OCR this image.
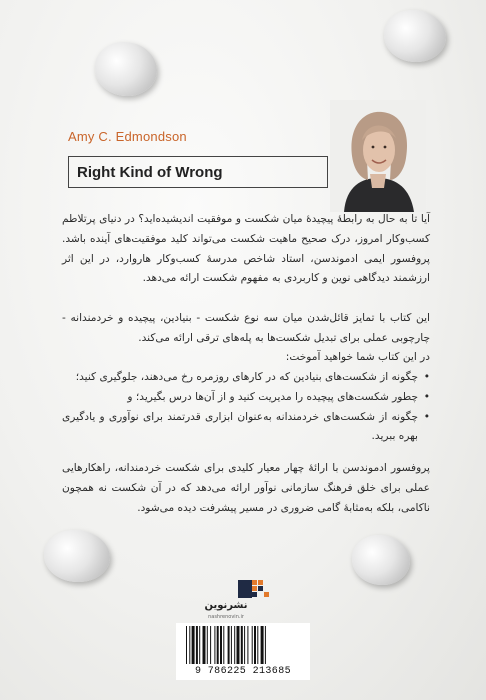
Amy C. Edmondson
Right Kind of Wrong
آیا تا به حال به رابطهٔ پیچیدهٔ میان شکست و موفقیت اندیشیده‌اید؟ در دنیای پرتلاطم کسب‌وکار امروز، درک صحیح ماهیت شکست می‌تواند کلید موفقیت‌های آینده باشد. پروفسور ایمی ادموندسن، استاد شاخص مدرسهٔ کسب‌وکار هاروارد، در این اثر ارزشمند دیدگاهی نوین و کاربردی به مفهوم شکست ارائه می‌دهد.
این کتاب با تمایز قائل‌شدن میان سه نوع شکست - بنیادین، پیچیده و خردمندانه - چارچوبی عملی برای تبدیل شکست‌ها به پله‌های ترقی ارائه می‌کند.
در این کتاب شما خواهید آموخت:
• چگونه از شکست‌های بنیادین که در کارهای روزمره رخ می‌دهند، جلوگیری کنید؛
• چطور شکست‌های پیچیده را مدیریت کنید و از آن‌ها درس بگیرید؛ و
• چگونه از شکست‌های خردمندانه به‌عنوان ابزاری قدرتمند برای نوآوری و یادگیری بهره ببرید.
پروفسور ادموندسن با ارائهٔ چهار معیار کلیدی برای شکست خردمندانه، راهکارهایی عملی برای خلق فرهنگ سازمانی نوآور ارائه می‌دهد که در آن شکست نه همچون ناکامی، بلکه به‌مثابهٔ گامی ضروری در مسیر پیشرفت دیده می‌شود.
نشرنوین
nashrenovin.ir
9 786225 213685
